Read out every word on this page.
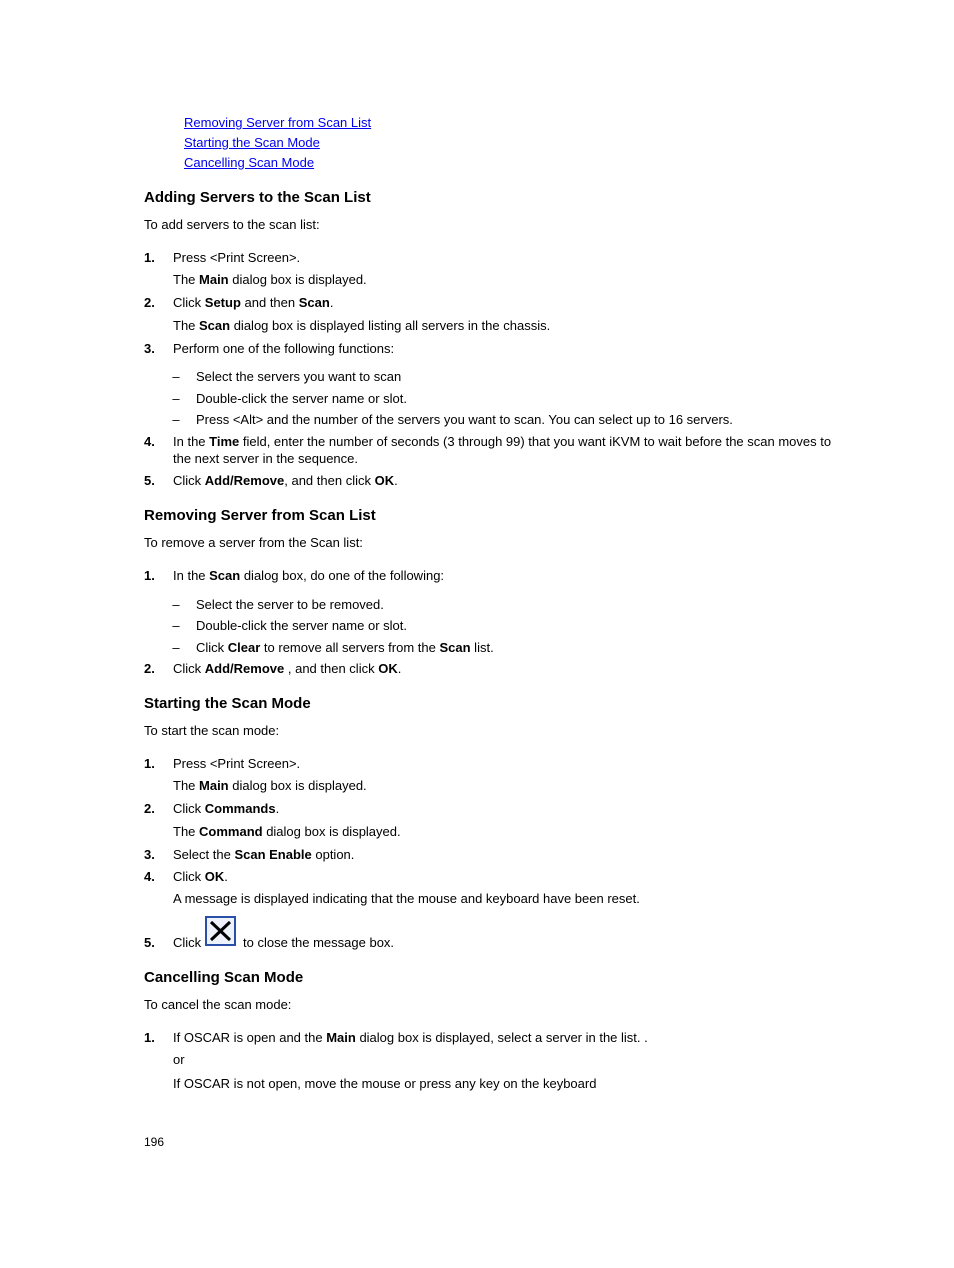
Removing Server from Scan List
Starting the Scan Mode
Cancelling Scan Mode
Adding Servers to the Scan List
To add servers to the scan list:
1. Press <Print Screen>.
The Main dialog box is displayed.
2. Click Setup and then Scan.
The Scan dialog box is displayed listing all servers in the chassis.
3. Perform one of the following functions:
– Select the servers you want to scan
– Double-click the server name or slot.
– Press <Alt> and the number of the servers you want to scan. You can select up to 16 servers.
4. In the Time field, enter the number of seconds (3 through 99) that you want iKVM to wait before the scan moves to
the next server in the sequence.
5. Click Add/Remove, and then click OK.
Removing Server from Scan List
To remove a server from the Scan list:
1. In the Scan dialog box, do one of the following:
– Select the server to be removed.
– Double-click the server name or slot.
– Click Clear to remove all servers from the Scan list.
2. Click Add/Remove , and then click OK.
Starting the Scan Mode
To start the scan mode:
1. Press <Print Screen>.
The Main dialog box is displayed.
2. Click Commands.
The Command dialog box is displayed.
3. Select the Scan Enable option.
4. Click OK.
A message is displayed indicating that the mouse and keyboard have been reset.
5. Click	to close the message box.
Cancelling Scan Mode
To cancel the scan mode:
1. If OSCAR is open and the Main dialog box is displayed, select a server in the list. .
or
If OSCAR is not open, move the mouse or press any key on the keyboard
196
